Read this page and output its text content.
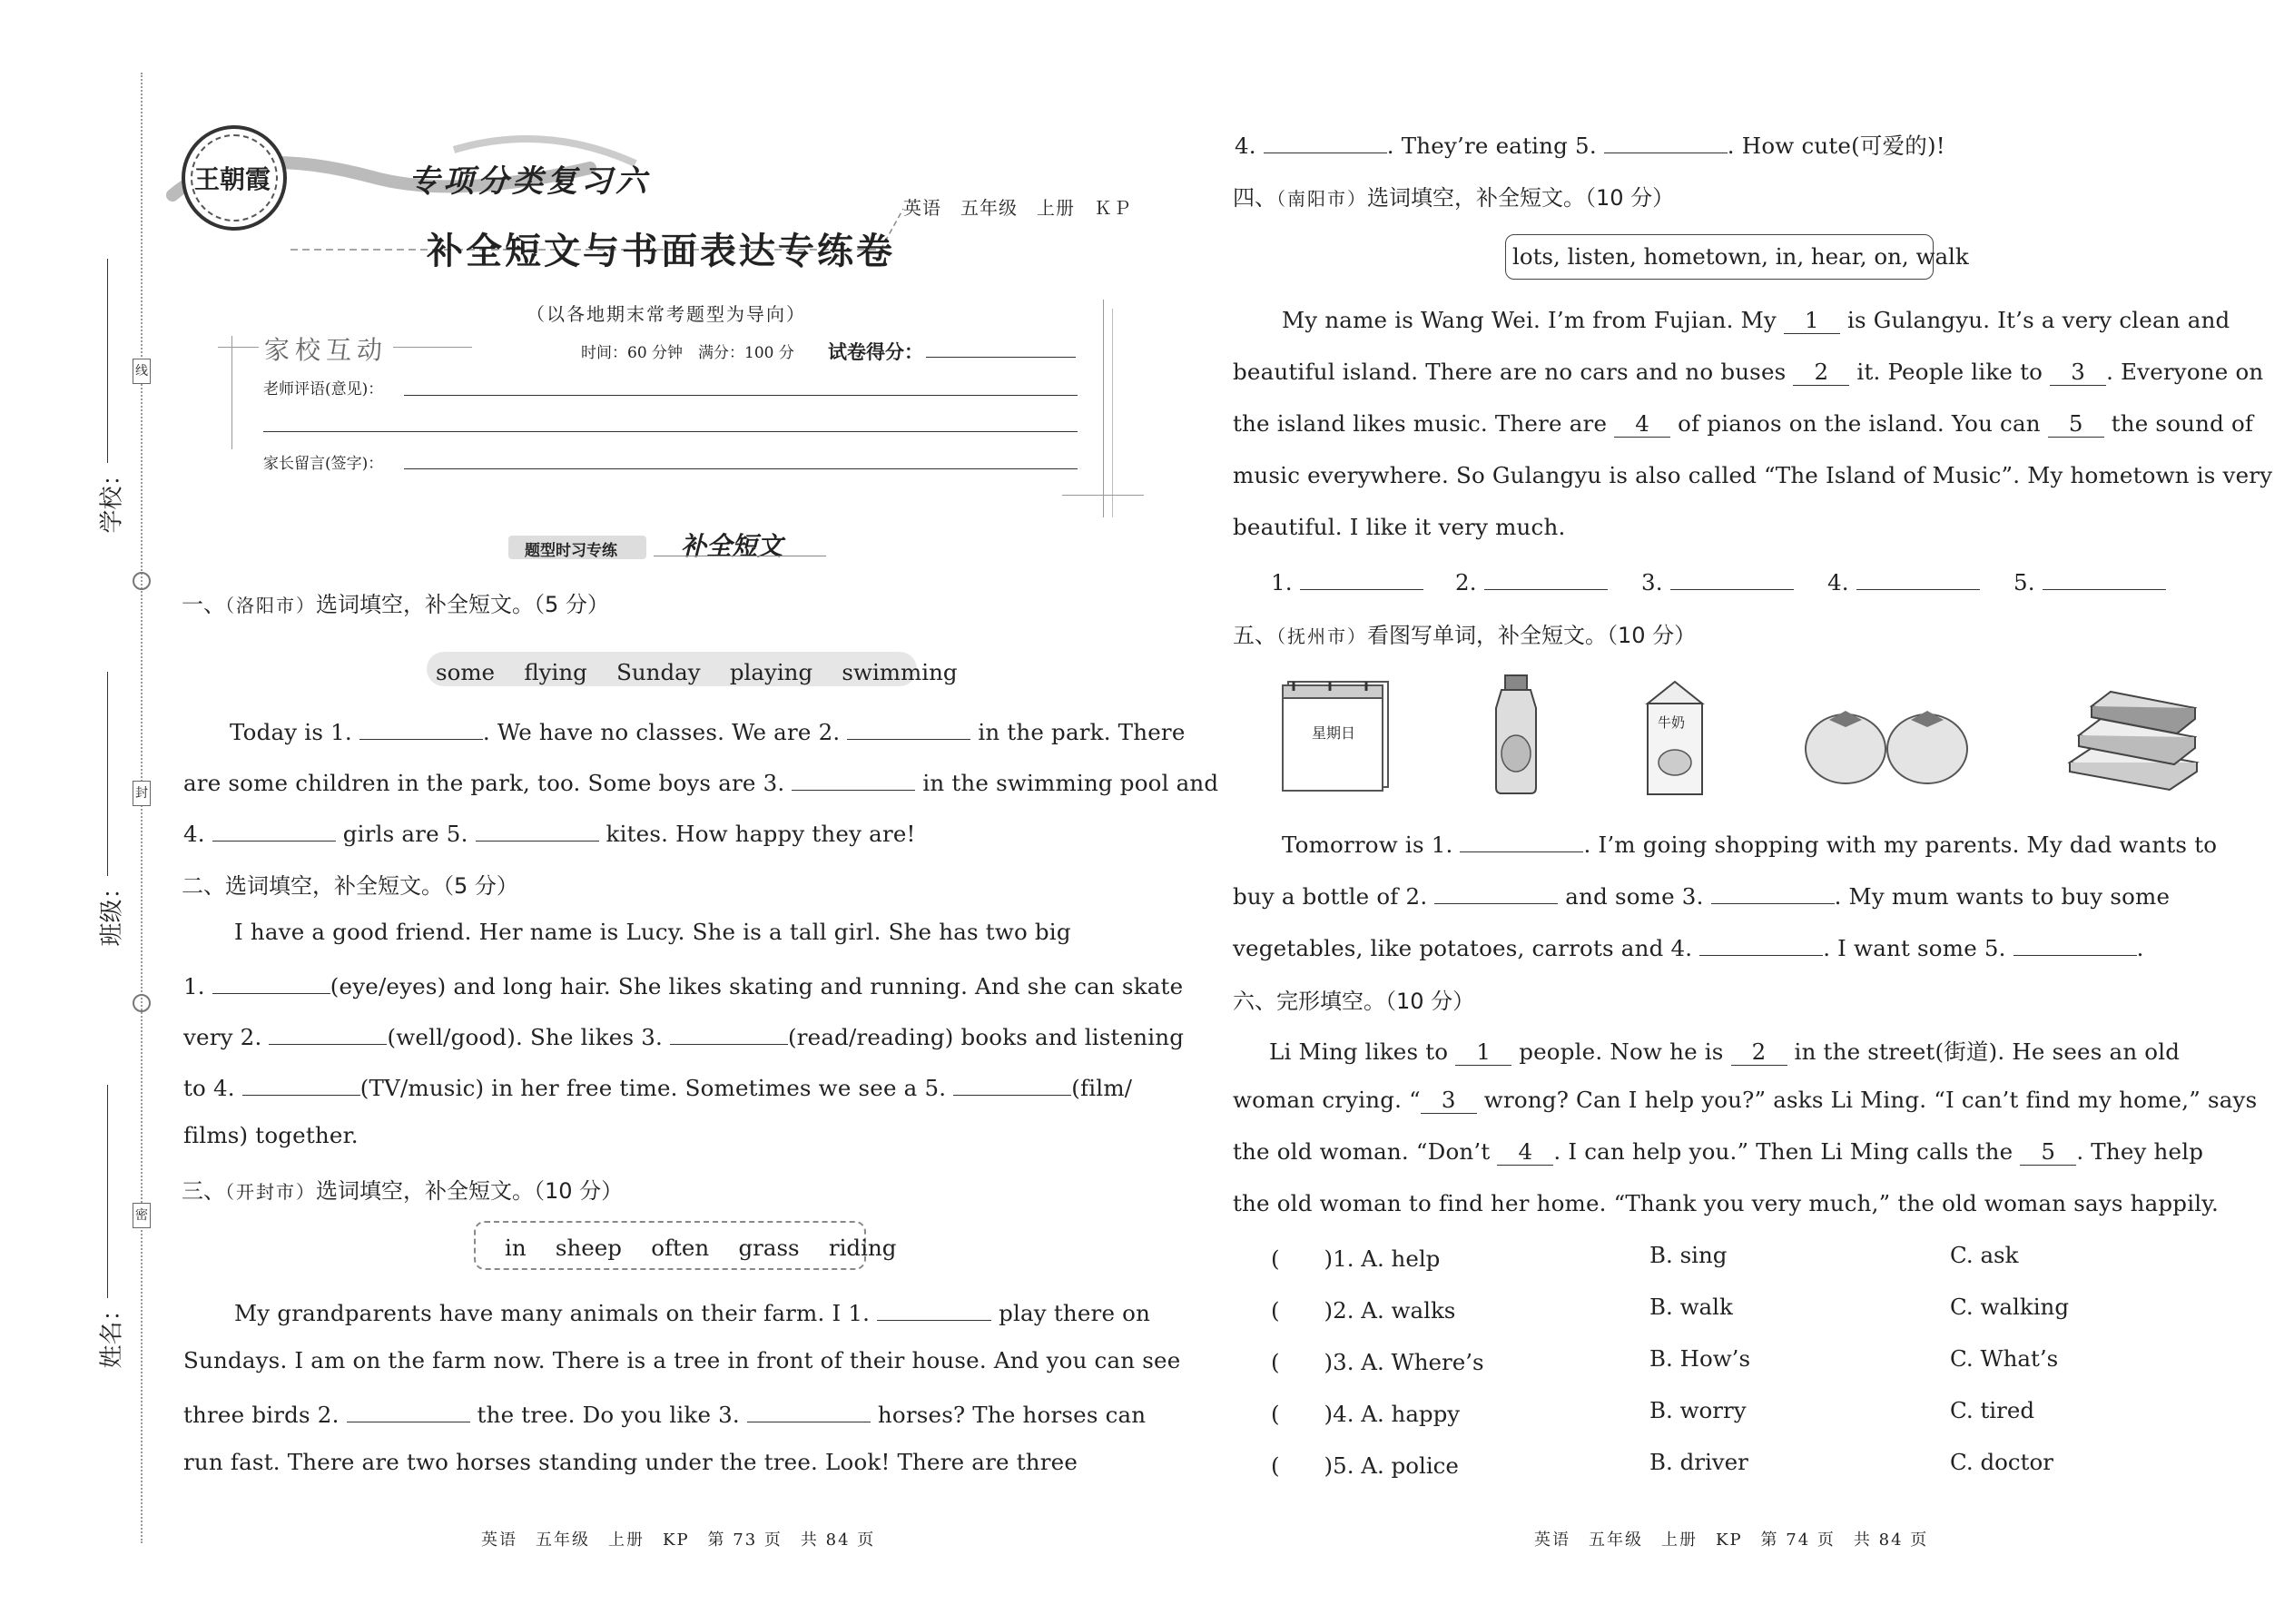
线
封
密
学校：
班级：
姓名：
王朝霞	专项分类复习六
英语　五年级　上册　ＫＰ
补全短文与书面表达专练卷
（以各地期末常考题型为导向）
家校互动	时间：60 分钟　满分：100 分 试卷得分：
老师评语(意见)：
家长留言(签字)：
题型时习专练	补全短文
一、（洛阳市）选词填空，补全短文。（5 分）
some　 flying　 Sunday　 playing　 swimming
Today is 1.	. We have no classes. We are 2.	in the park. There
are some children in the park, too. Some boys are 3.	in the swimming pool and
4.	girls are 5.	kites. How happy they are!
二、选词填空，补全短文。（5 分）
I have a good friend. Her name is Lucy. She is a tall girl. She has two big
1.	(eye/eyes) and long hair. She likes skating and running. And she can skate
very 2.	(well/good). She likes 3.	(read/reading) books and listening
to 4.	(TV/music) in her free time. Sometimes we see a 5.	(film/
films) together.
三、（开封市）选词填空，补全短文。（10 分）
in　 sheep　 often　 grass　 riding
My grandparents have many animals on their farm. I 1.	play there on
Sundays. I am on the farm now. There is a tree in front of their house. And you can see
three birds 2.	the tree. Do you like 3.	horses? The horses can
run fast. There are two horses standing under the tree. Look! There are three
英语　五年级　上册　KP　第 73 页　共 84 页
4.	. They’re eating 5.	. How cute(可爱的)!
四、（南阳市）选词填空，补全短文。（10 分）
lots, listen, hometown, in, hear, on, walk
My name is Wang Wei. I’m from Fujian. My 1 is Gulangyu. It’s a very clean and
beautiful island. There are no cars and no buses 2 it. People like to 3 . Everyone on
the island likes music. There are 4 of pianos on the island. You can 5 the sound of
music everywhere. So Gulangyu is also called “The Island of Music”. My hometown is very
beautiful. I like it very much.
1.	2.	3.	4.	5.
五、（抚州市）看图写单词，补全短文。（10 分）
星期日
牛奶
Tomorrow is 1.	. I’m going shopping with my parents. My dad wants to
buy a bottle of 2.	and some 3.	. My mum wants to buy some
vegetables, like potatoes, carrots and 4.	. I want some 5.	.
六、完形填空。（10 分）
Li Ming likes to 1 people. Now he is 2 in the street(街道). He sees an old
woman crying. “ 3 wrong? Can I help you?” asks Li Ming. “I can’t find my home,” says
the old woman. “Don’t 4 . I can help you.” Then Li Ming calls the 5 . They help
the old woman to find her home. “Thank you very much,” the old woman says happily.
(　　)1. A. help	B. sing	C. ask
(　　)2. A. walks	B. walk	C. walking
(　　)3. A. Where’s	B. How’s	C. What’s
(　　)4. A. happy	B. worry	C. tired
(　　)5. A. police	B. driver	C. doctor
英语　五年级　上册　KP　第 74 页　共 84 页
